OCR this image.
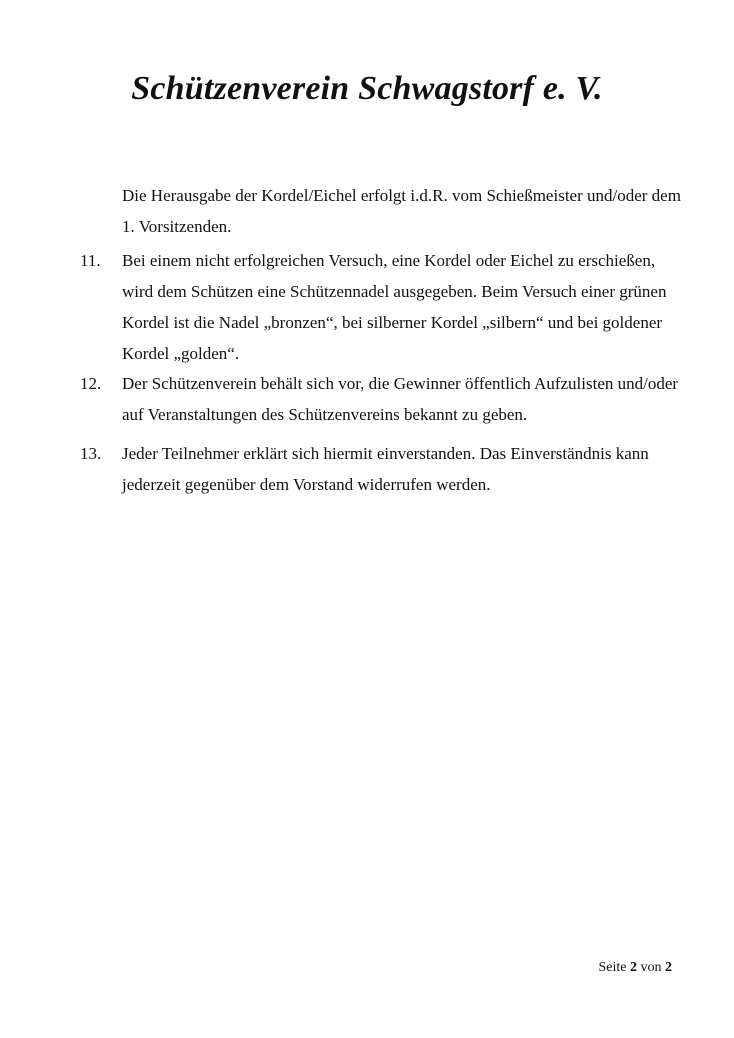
Schützenverein Schwagstorf e. V.
Die Herausgabe der Kordel/Eichel erfolgt i.d.R. vom Schießmeister und/oder dem 1. Vorsitzenden.
11.	Bei einem nicht erfolgreichen Versuch, eine Kordel oder Eichel zu erschießen, wird dem Schützen eine Schützennadel ausgegeben. Beim Versuch einer grünen Kordel ist die Nadel „bronzen“, bei silberner Kordel „silbern“ und bei goldener Kordel „golden“.
12.	Der Schützenverein behält sich vor, die Gewinner öffentlich Aufzulisten und/oder auf Veranstaltungen des Schützenvereins bekannt zu geben.
13.	Jeder Teilnehmer erklärt sich hiermit einverstanden. Das Einverständnis kann jederzeit gegenüber dem Vorstand widerrufen werden.
Seite 2 von 2
